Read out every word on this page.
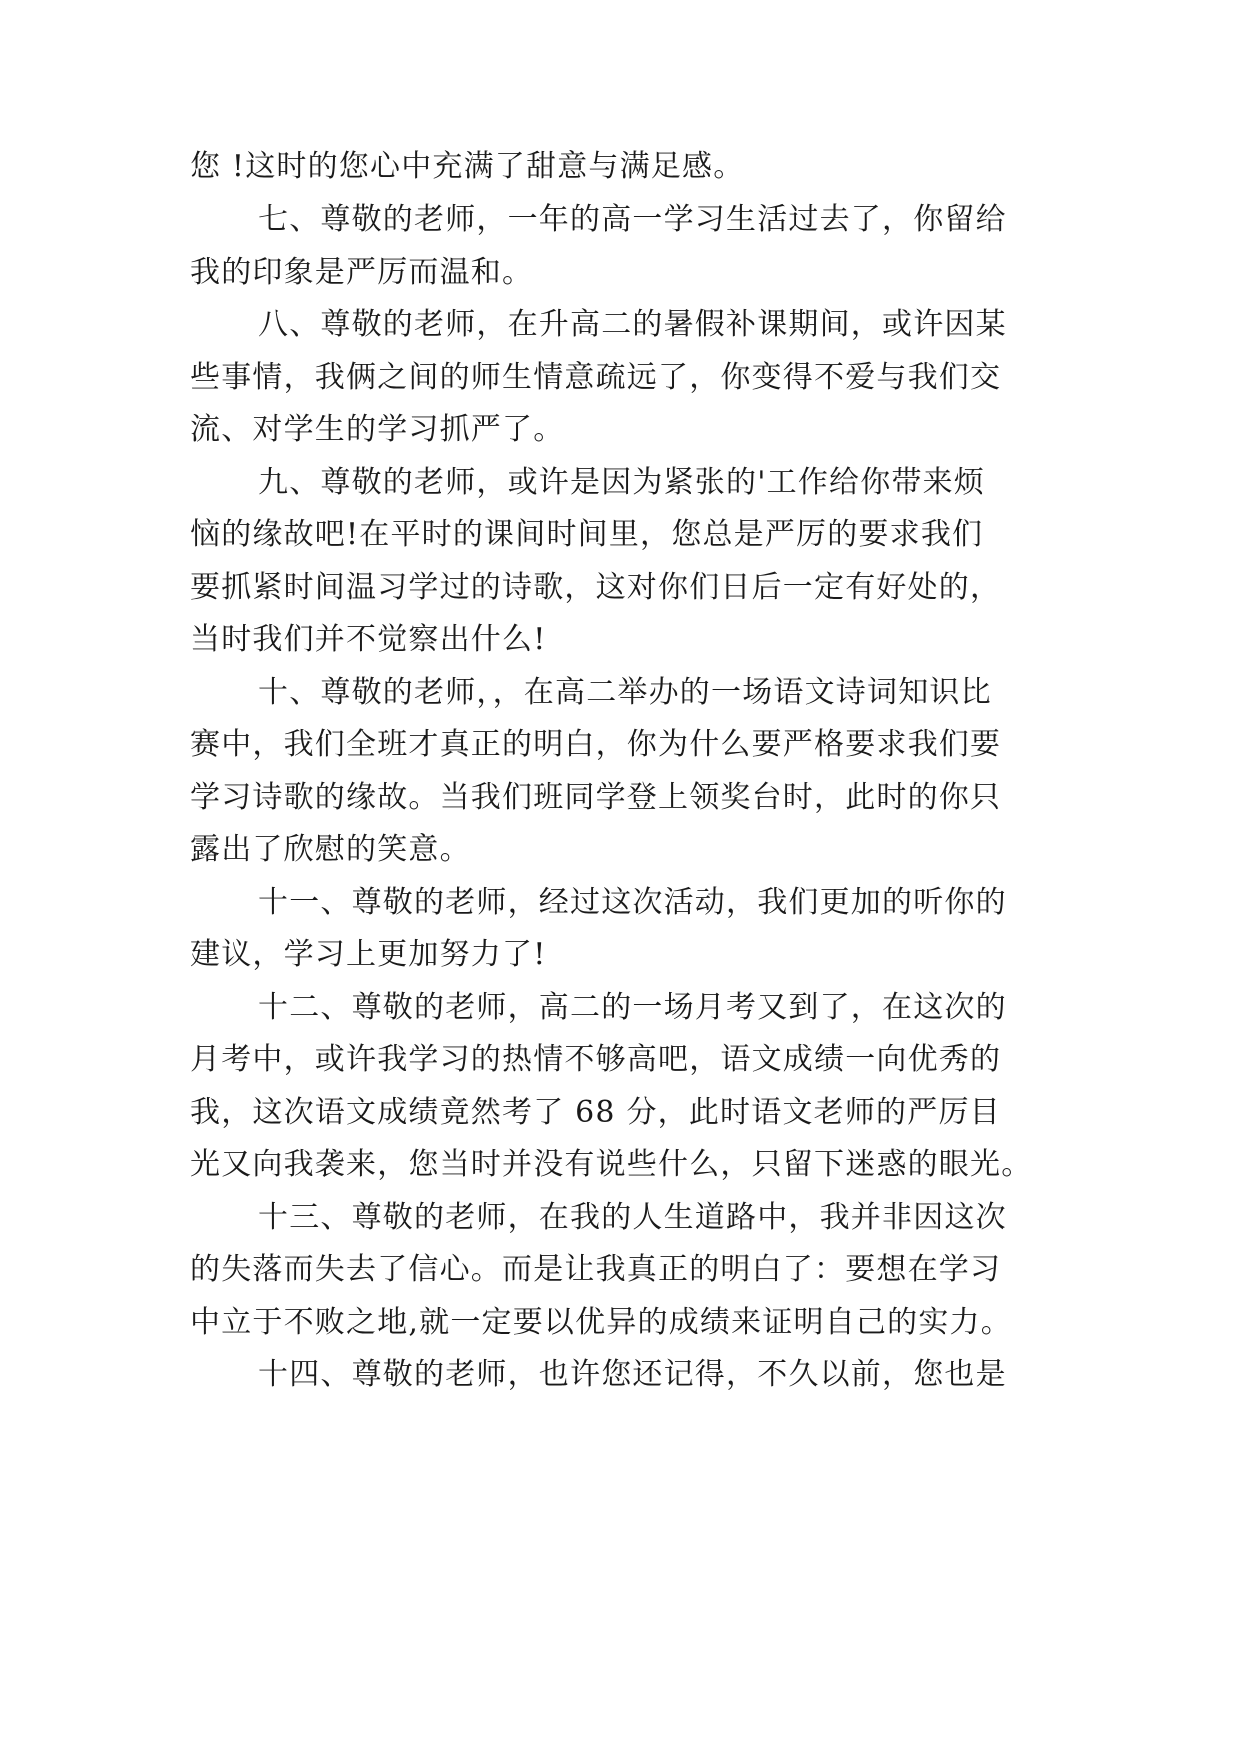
您 !这时的您心中充满了甜意与满足感。
七、尊敬的老师，一年的高一学习生活过去了，你留给
我的印象是严厉而温和。
八、尊敬的老师，在升高二的暑假补课期间，或许因某
些事情，我俩之间的师生情意疏远了，你变得不爱与我们交
流、对学生的学习抓严了。
九、尊敬的老师，或许是因为紧张的'工作给你带来烦
恼的缘故吧!在平时的课间时间里，您总是严厉的要求我们
要抓紧时间温习学过的诗歌，这对你们日后一定有好处的，
当时我们并不觉察出什么!
十、尊敬的老师，，在高二举办的一场语文诗词知识比
赛中，我们全班才真正的明白，你为什么要严格要求我们要
学习诗歌的缘故。当我们班同学登上领奖台时，此时的你只
露出了欣慰的笑意。
十一、尊敬的老师，经过这次活动，我们更加的听你的
建议，学习上更加努力了!
十二、尊敬的老师，高二的一场月考又到了，在这次的
月考中，或许我学习的热情不够高吧，语文成绩一向优秀的
我，这次语文成绩竟然考了 68 分，此时语文老师的严厉目
光又向我袭来，您当时并没有说些什么，只留下迷惑的眼光。
十三、尊敬的老师，在我的人生道路中，我并非因这次
的失落而失去了信心。而是让我真正的明白了：要想在学习
中立于不败之地,就一定要以优异的成绩来证明自己的实力。
十四、尊敬的老师，也许您还记得，不久以前，您也是
